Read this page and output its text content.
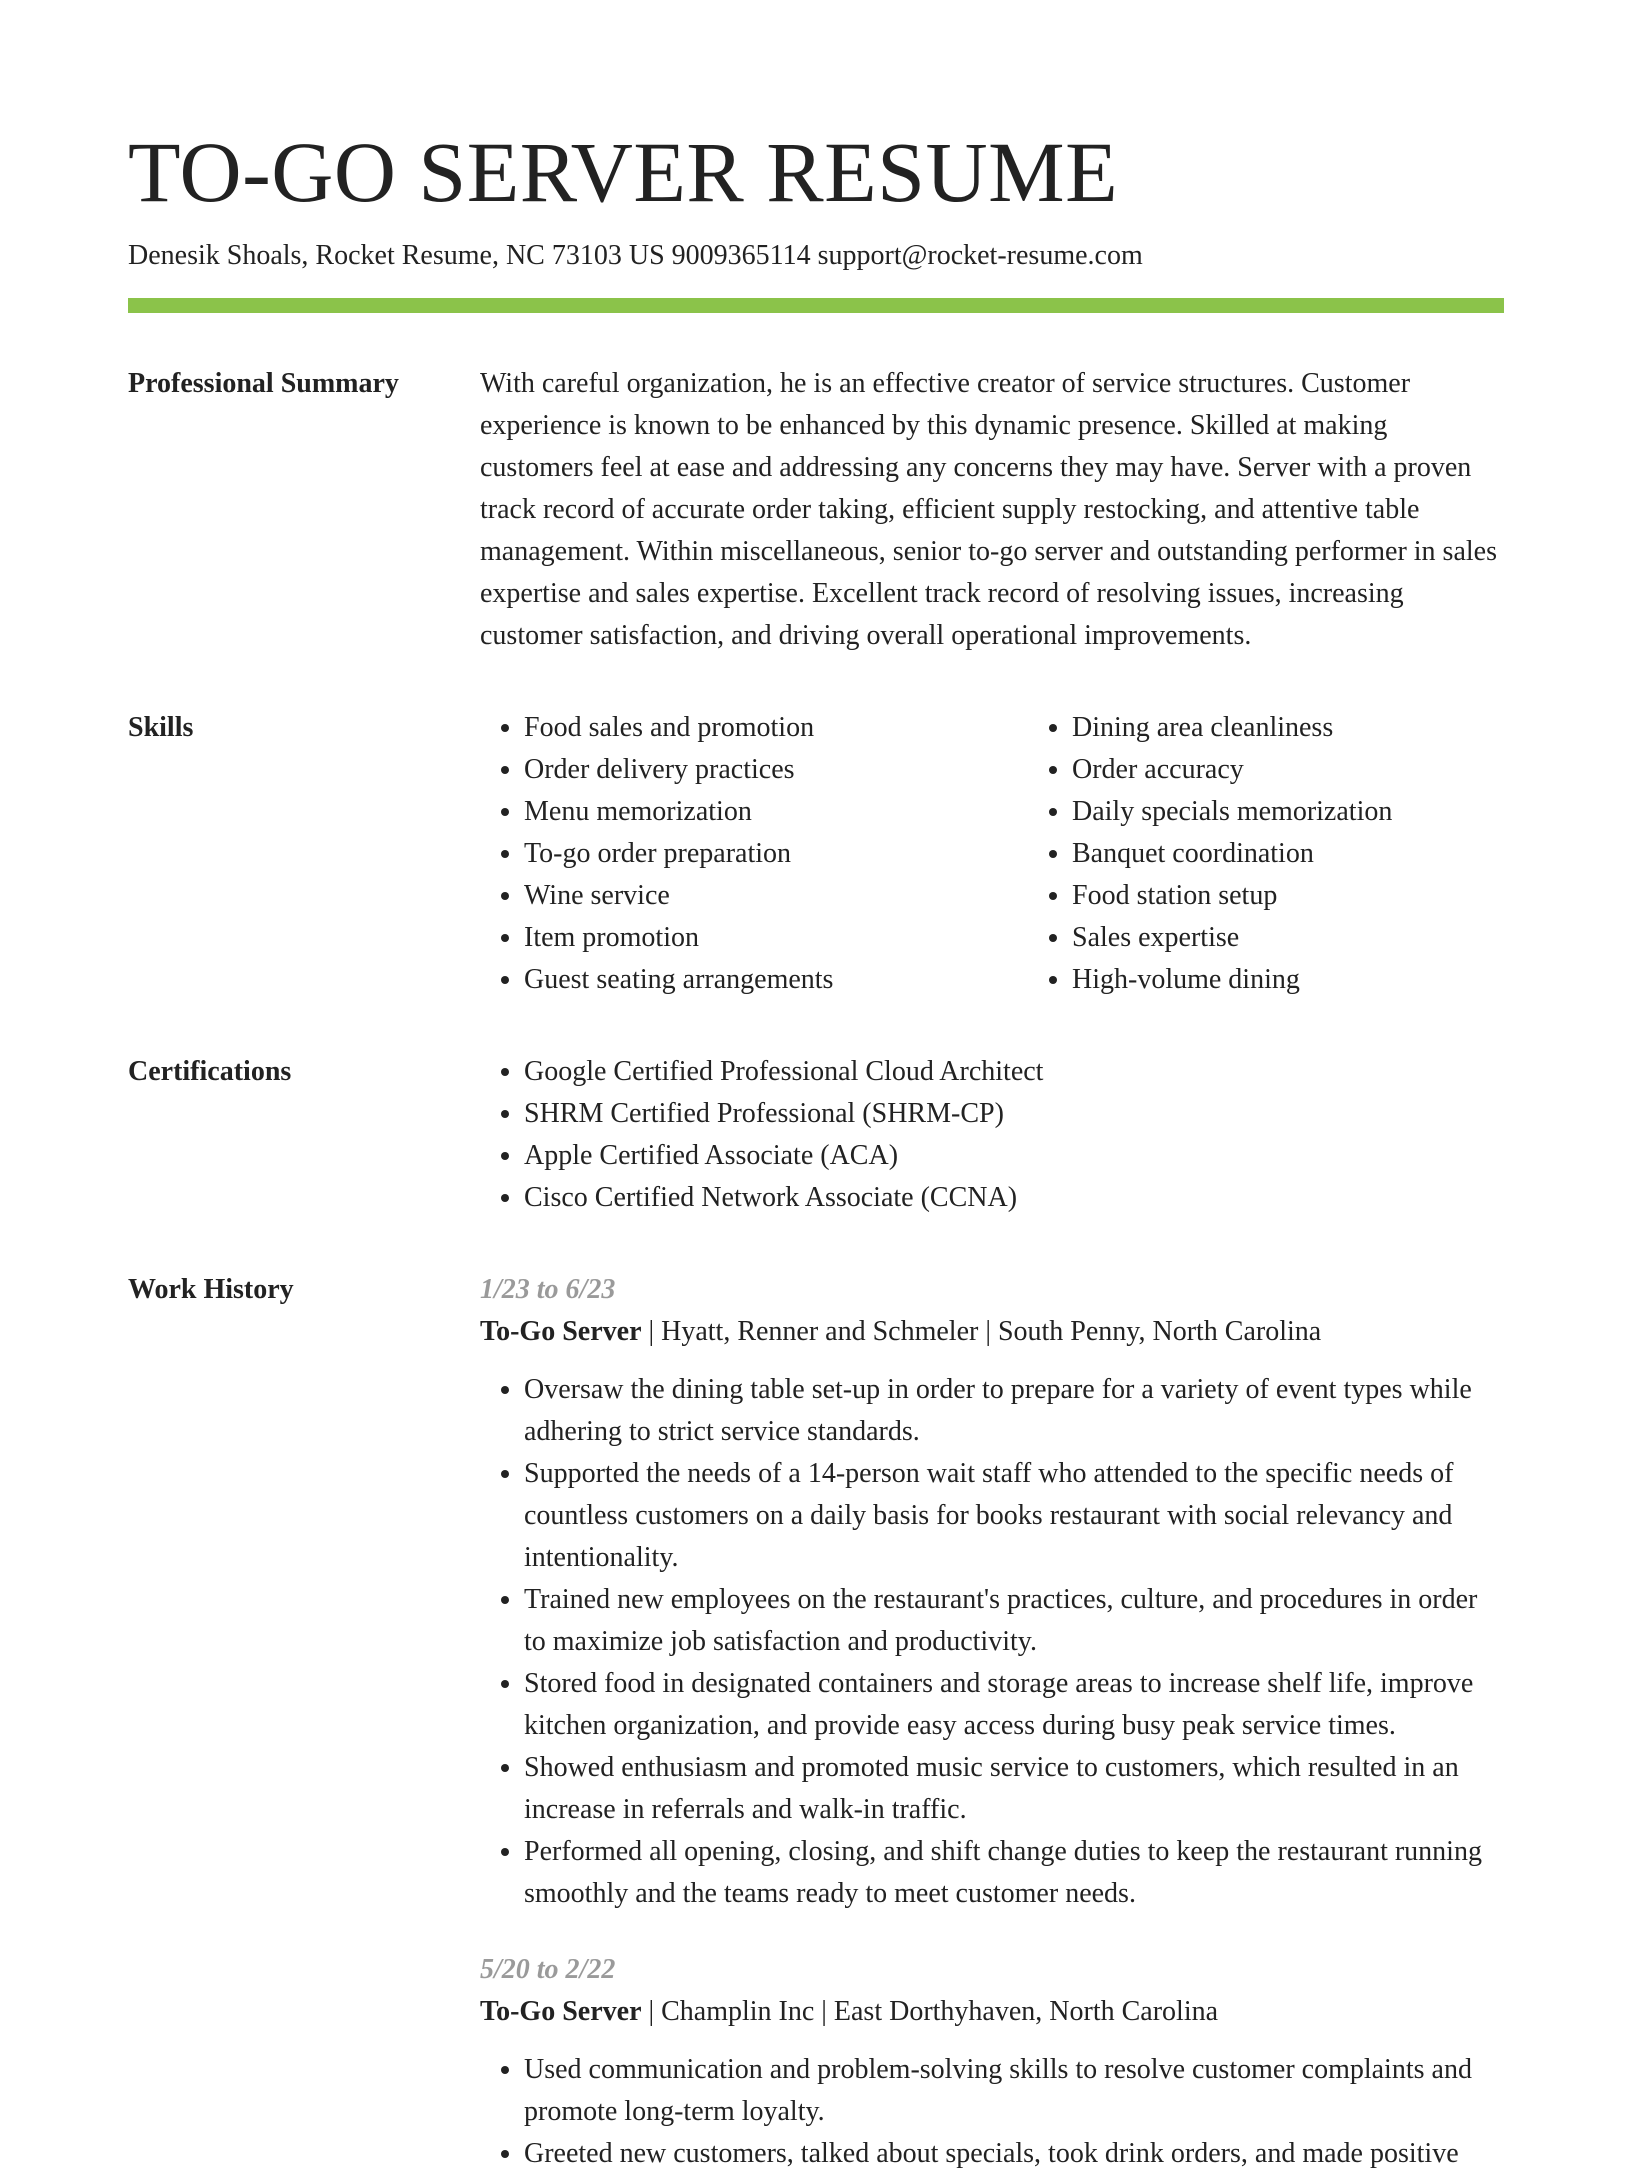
TO-GO SERVER RESUME
Denesik Shoals, Rocket Resume, NC 73103 US 9009365114 support@rocket-resume.com
Professional Summary	With careful organization, he is an effective creator of service structures. Customer experience is known to be enhanced by this dynamic presence. Skilled at making customers feel at ease and addressing any concerns they may have. Server with a proven track record of accurate order taking, efficient supply restocking, and attentive table management. Within miscellaneous, senior to-go server and outstanding performer in sales expertise and sales expertise. Excellent track record of resolving issues, increasing customer satisfaction, and driving overall operational improvements.

Skills	• Food sales and promotion
• Order delivery practices
• Menu memorization
• To-go order preparation
• Wine service
• Item promotion
• Guest seating arrangements
• Dining area cleanliness
• Order accuracy
• Daily specials memorization
• Banquet coordination
• Food station setup
• Sales expertise
• High-volume dining
Certifications	• Google Certified Professional Cloud Architect
• SHRM Certified Professional (SHRM-CP)
• Apple Certified Associate (ACA)
• Cisco Certified Network Associate (CCNA)
Work History	1/23 to 6/23
To-Go Server | Hyatt, Renner and Schmeler | South Penny, North Carolina
• Oversaw the dining table set-up in order to prepare for a variety of event types while adhering to strict service standards.
• Supported the needs of a 14-person wait staff who attended to the specific needs of countless customers on a daily basis for books restaurant with social relevancy and intentionality.
• Trained new employees on the restaurant's practices, culture, and procedures in order to maximize job satisfaction and productivity.
• Stored food in designated containers and storage areas to increase shelf life, improve kitchen organization, and provide easy access during busy peak service times.
• Showed enthusiasm and promoted music service to customers, which resulted in an increase in referrals and walk-in traffic.
• Performed all opening, closing, and shift change duties to keep the restaurant running smoothly and the teams ready to meet customer needs.
5/20 to 2/22
To-Go Server | Champlin Inc | East Dorthyhaven, North Carolina
• Used communication and problem-solving skills to resolve customer complaints and promote long-term loyalty.
• Greeted new customers, talked about specials, took drink orders, and made positive
